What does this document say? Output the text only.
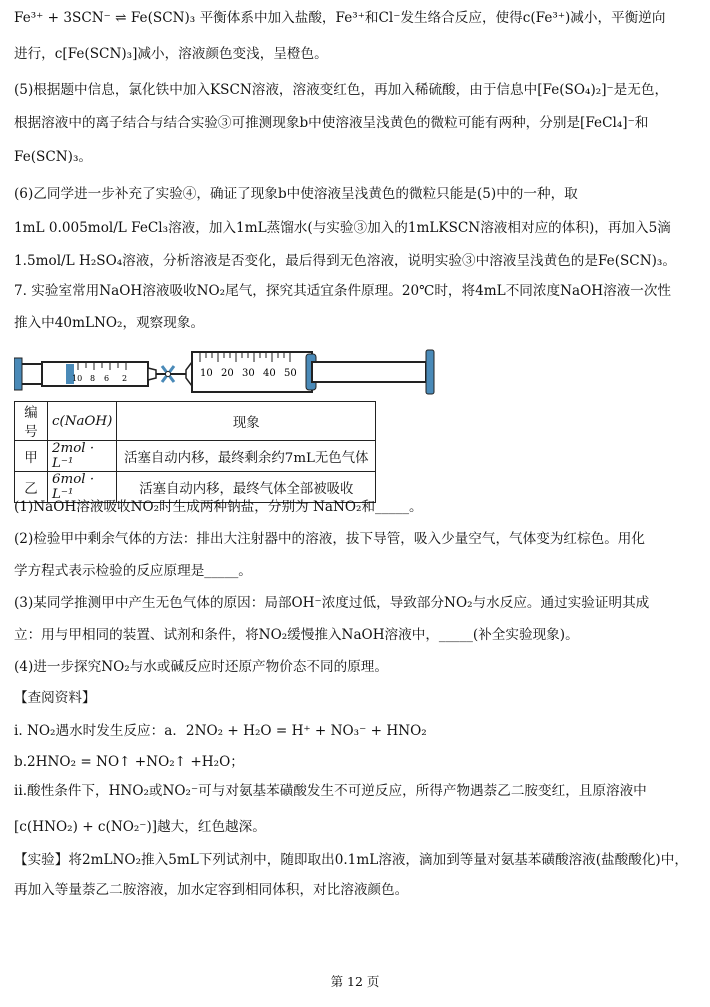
Fe³⁺ + 3SCN⁻ ⇌ Fe(SCN)₃ 平衡体系中加入盐酸，Fe³⁺和Cl⁻发生络合反应，使得c(Fe³⁺)减小，平衡逆向
进行，c[Fe(SCN)₃]减小，溶液颜色变浅，呈橙色。
(5)根据题中信息，氯化铁中加入KSCN溶液，溶液变红色，再加入稀硫酸，由于信息中[Fe(SO₄)₂]⁻是无色，
根据溶液中的离子结合与结合实验③可推测现象b中使溶液呈浅黄色的微粒可能有两种，分别是[FeCl₄]⁻和
Fe(SCN)₃。
(6)乙同学进一步补充了实验④，确证了现象b中使溶液呈浅黄色的微粒只能是(5)中的一种，取
1mL 0.005mol/L FeCl₃溶液，加入1mL蒸馏水(与实验③加入的1mLKSCN溶液相对应的体积)，再加入5滴
1.5mol/L H₂SO₄溶液，分析溶液是否变化，最后得到无色溶液，说明实验③中溶液呈浅黄色的是Fe(SCN)₃。
7. 实验室常用NaOH溶液吸收NO₂尾气，探究其适宜条件原理。20℃时，将4mL不同浓度NaOH溶液一次性
推入中40mLNO₂，观察现象。
10 8 6 2	10 20 30 40 50
编号	c(NaOH)	现象
甲	2mol · L⁻¹	活塞自动内移，最终剩余约7mL无色气体
乙	6mol · L⁻¹	活塞自动内移，最终气体全部被吸收
(1)NaOH溶液吸收NO₂时生成两种钠盐，分别为 NaNO₂和_____。
(2)检验甲中剩余气体的方法：排出大注射器中的溶液，拔下导管，吸入少量空气，气体变为红棕色。用化
学方程式表示检验的反应原理是_____。
(3)某同学推测甲中产生无色气体的原因：局部OH⁻浓度过低，导致部分NO₂与水反应。通过实验证明其成
立：用与甲相同的装置、试剂和条件，将NO₂缓慢推入NaOH溶液中，_____(补全实验现象)。
(4)进一步探究NO₂与水或碱反应时还原产物价态不同的原理。
【查阅资料】
i. NO₂遇水时发生反应：a．2NO₂ + H₂O = H⁺ + NO₃⁻ + HNO₂
b.2HNO₂ = NO↑ +NO₂↑ +H₂O；
ii.酸性条件下，HNO₂或NO₂⁻可与对氨基苯磺酸发生不可逆反应，所得产物遇萘乙二胺变红，且原溶液中
[c(HNO₂) + c(NO₂⁻)]越大，红色越深。
【实验】将2mLNO₂推入5mL下列试剂中，随即取出0.1mL溶液，滴加到等量对氨基苯磺酸溶液(盐酸酸化)中，
再加入等量萘乙二胺溶液，加水定容到相同体积，对比溶液颜色。
第 12 页
